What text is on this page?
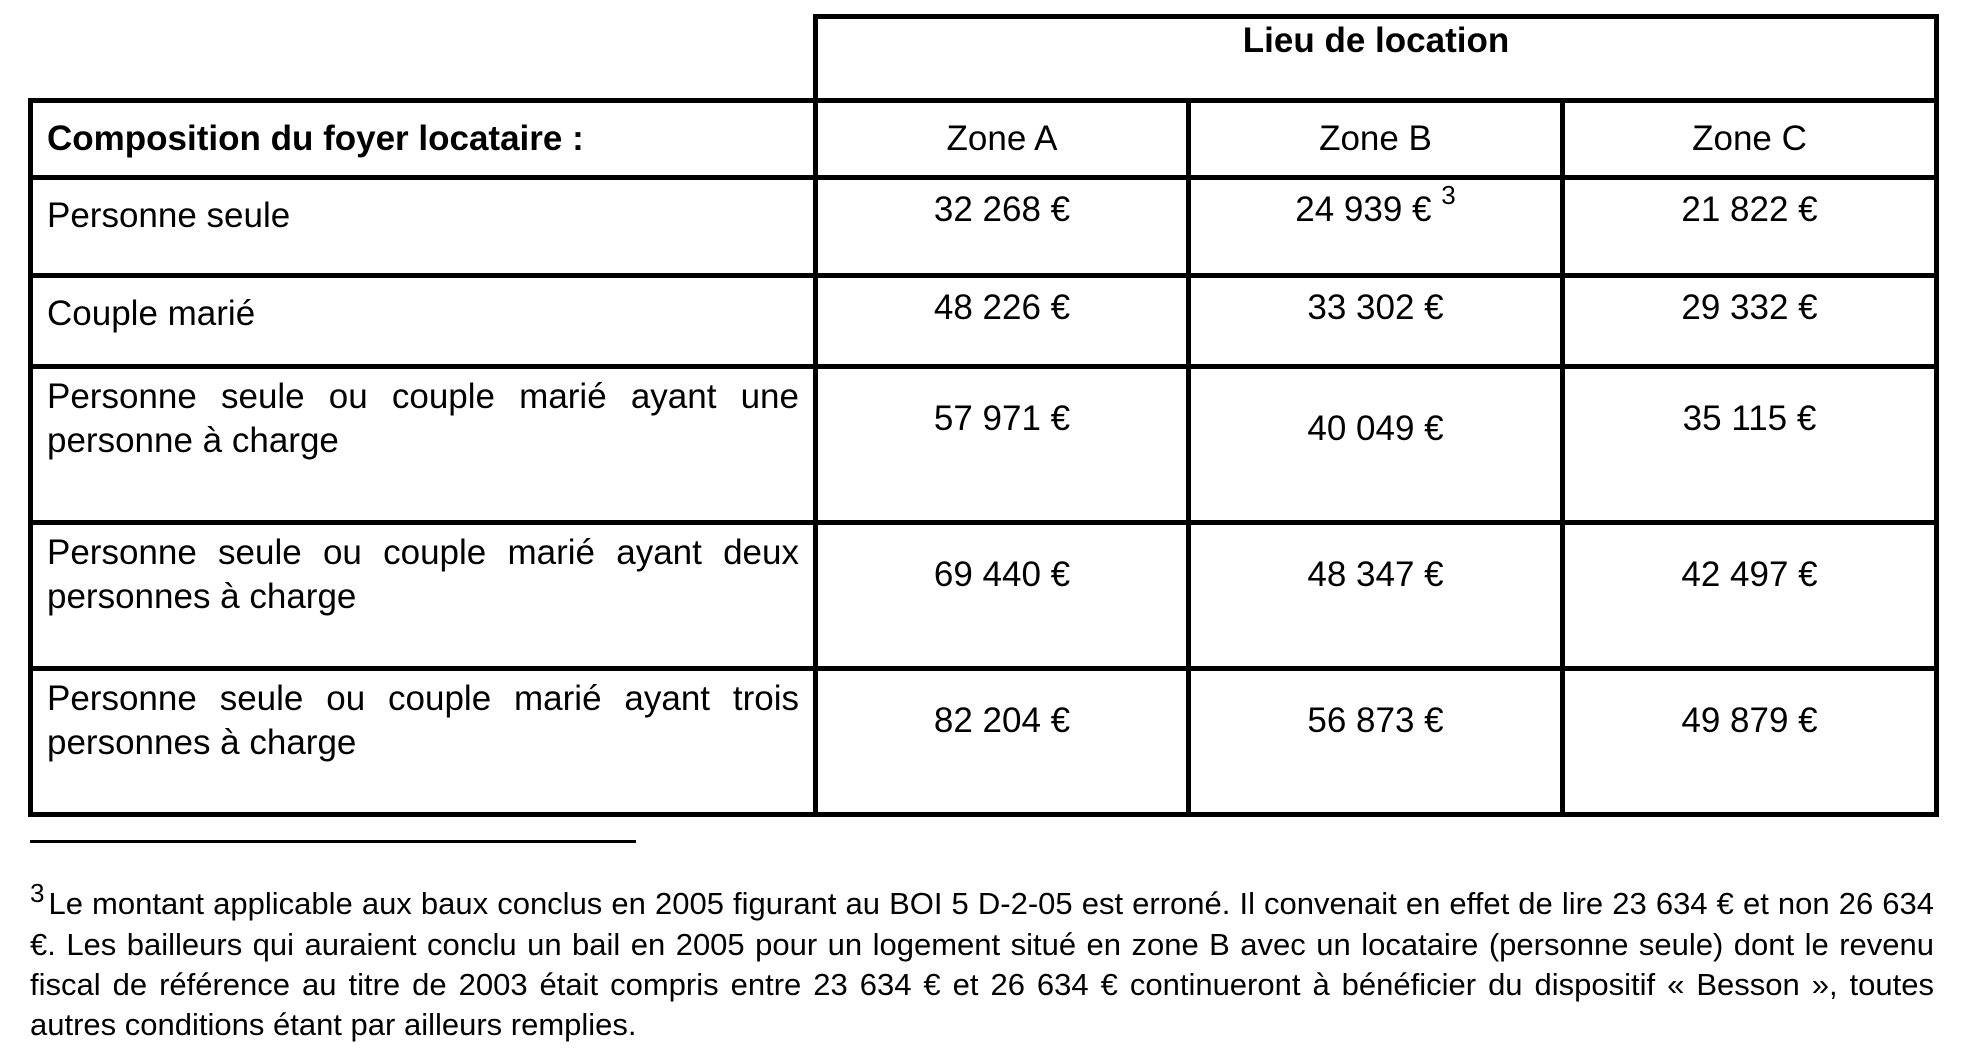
	Lieu de location		
Composition du foyer locataire :	Zone A	Zone B	Zone C
Personne seule	32 268 €	24 939 € $^3$	21 822 €
Couple marié	48 226 €	33 302 €	29 332 €
Personne seule ou couple marié ayant une personne à charge	57 971 €	40 049 €	35 115 €
Personne seule ou couple marié ayant deux personnes à charge	69 440 €	48 347 €	42 497 €
Personne seule ou couple marié ayant trois personnes à charge	82 204 €	56 873 €	49 879 €
$^3$ Le montant applicable aux baux conclus en 2005 figurant au BOI 5 D-2-05 est erroné. Il convenait en effet de lire 23 634 € et non 26 634 €. Les bailleurs qui auraient conclu un bail en 2005 pour un logement situé en zone B avec un locataire (personne seule) dont le revenu fiscal de référence au titre de 2003 était compris entre 23 634 € et 26 634 € continueront à bénéficier du dispositif « Besson », toutes autres conditions étant par ailleurs remplies.
